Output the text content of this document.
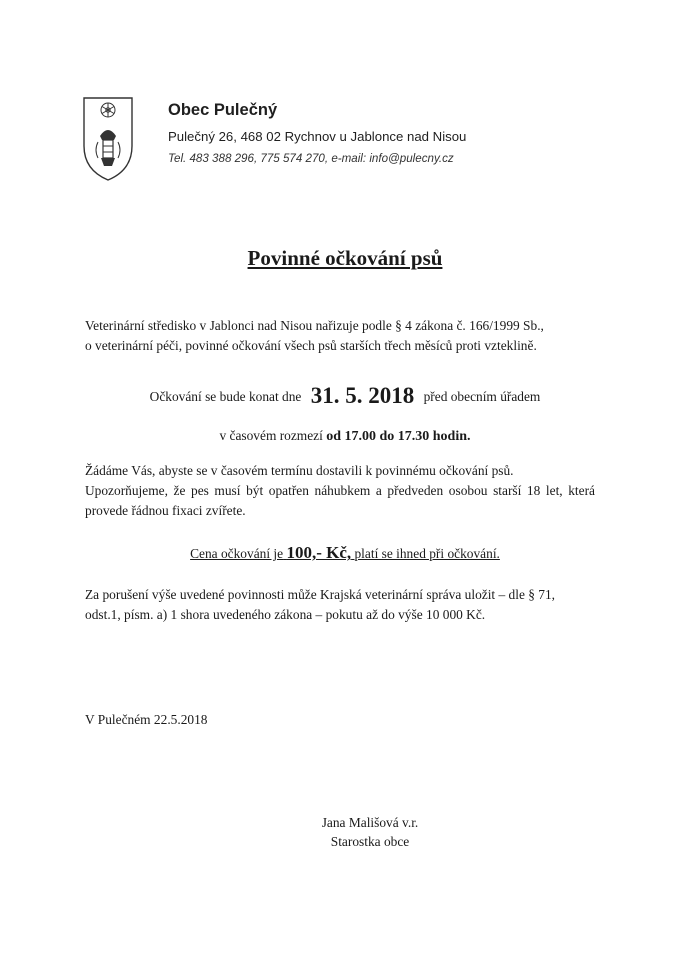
Obec Pulečný
Pulečný 26, 468 02 Rychnov u Jablonce nad Nisou
Tel. 483 388 296, 775 574 270, e-mail: info@pulecny.cz
Povinné očkování psů
Veterinární středisko v Jablonci nad Nisou nařizuje podle § 4 zákona č. 166/1999 Sb.,
o veterinární péči, povinné očkování všech psů starších třech měsíců proti vzteklině.
Očkování se bude konat dne 31. 5. 2018 před obecním úřadem
v časovém rozmezí od 17.00 do 17.30 hodin.
Žádáme Vás, abyste se v časovém termínu dostavili k povinnému očkování psů.
Upozorňujeme, že pes musí být opatřen náhubkem a předveden osobou starší 18 let, která
provede řádnou fixaci zvířete.
Cena očkování je 100,- Kč, platí se ihned při očkování.
Za porušení výše uvedené povinnosti může Krajská veterinární správa uložit – dle § 71,
odst.1, písm. a) 1 shora uvedeného zákona – pokutu až do výše 10 000 Kč.
V Pulečném 22.5.2018
Jana Mališová v.r.
Starostka obce
